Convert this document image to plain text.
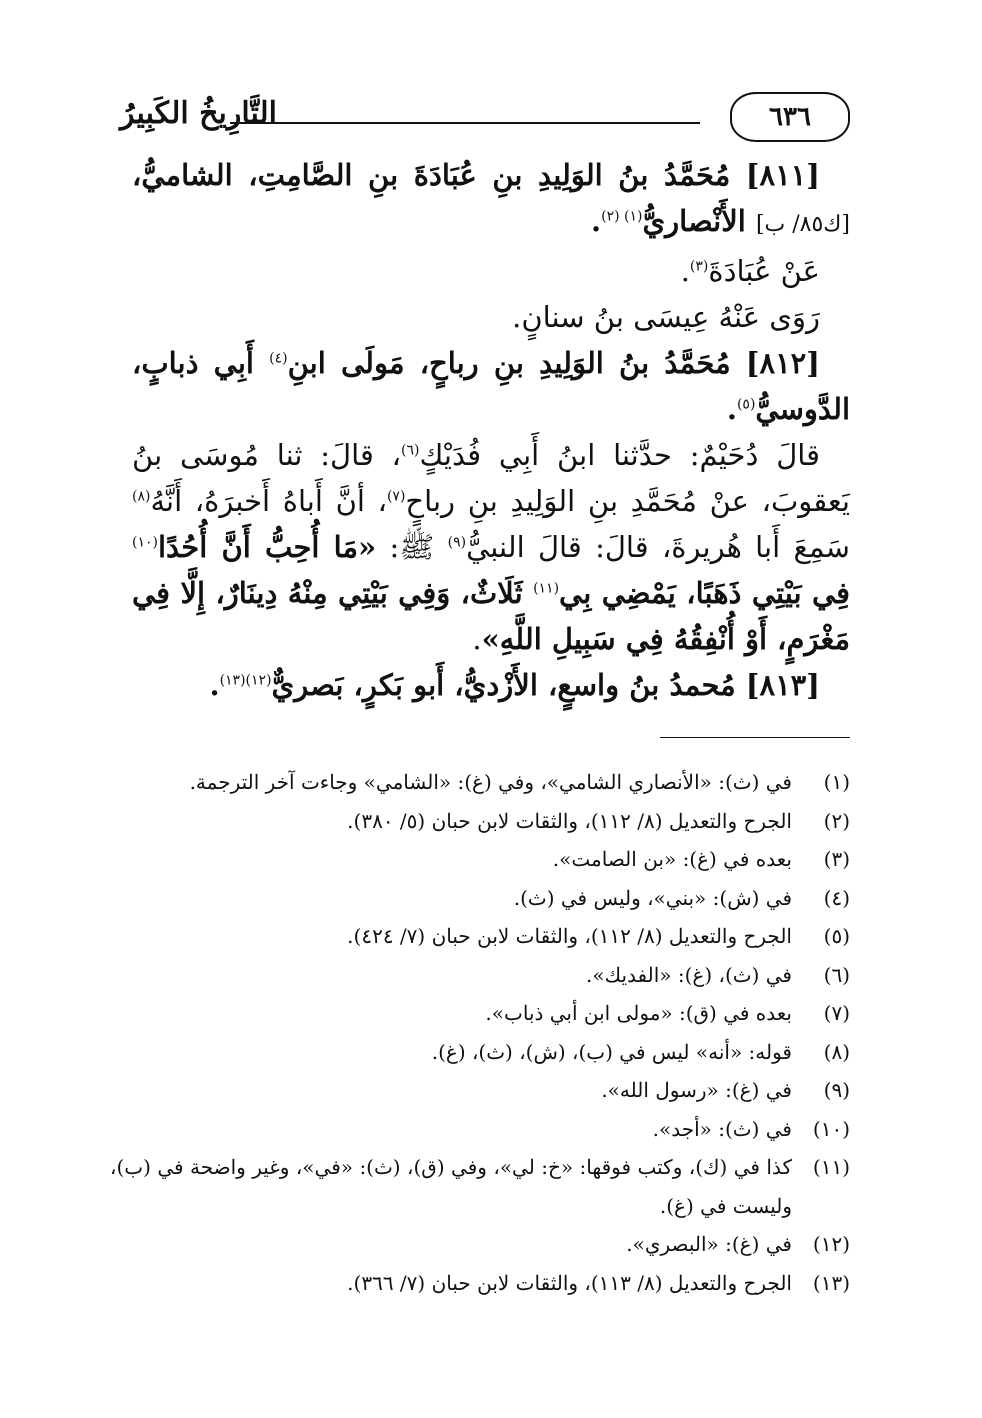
التَّارِيخُ الكَبِيرُ	٦٣٦

[٨١١] مُحَمَّدُ بنُ الوَلِيدِ بنِ عُبَادَةَ بنِ الصَّامِتِ، الشاميُّ، [ك٨٥/ ب] الأَنْصاريُّ$^{(١) (٢)}$.

عَنْ عُبَادَةَ$^{(٣)}$.

رَوَى عَنْهُ عِيسَى بنُ سنانٍ.

[٨١٢] مُحَمَّدُ بنُ الوَلِيدِ بنِ رباحٍ، مَولَى ابنِ$^{(٤)}$ أَبِي ذبابٍ، الدَّوسيُّ$^{(٥)}$.

قالَ دُحَيْمٌ: حدَّثنا ابنُ أَبِي فُدَيْكٍ$^{(٦)}$، قالَ: ثنا مُوسَى بنُ يَعقوبَ، عنْ مُحَمَّدِ بنِ الوَلِيدِ بنِ رباحٍ$^{(٧)}$، أنَّ أَباهُ أَخبرَهُ، أَنَّهُ$^{(٨)}$ سَمِعَ أَبا هُريرةَ، قالَ: قالَ النبيُّ$^{(٩)}$ ﷺ: «مَا أُحِبُّ أَنَّ أُحُدًا$^{(١٠)}$ فِي بَيْتِي ذَهَبًا، يَمْضِي بِي$^{(١١)}$ ثَلَاثٌ، وَفِي بَيْتِي مِنْهُ دِينَارٌ، إِلَّا فِي مَغْرَمٍ، أَوْ أُنْفِقُهُ فِي سَبِيلِ اللَّهِ».

[٨١٣] مُحمدُ بنُ واسعٍ، الأَزْديُّ، أَبو بَكرٍ، بَصريٌّ$^{(١٢)(١٣)}$.

(١)
في (ث): «الأنصاري الشامي»، وفي (غ): «الشامي» وجاءت آخر الترجمة.
(٢)
الجرح والتعديل (٨/ ١١٢)، والثقات لابن حبان (٥/ ٣٨٠).
(٣)
بعده في (غ): «بن الصامت».
(٤)
في (ش): «بني»، وليس في (ث).
(٥)
الجرح والتعديل (٨/ ١١٢)، والثقات لابن حبان (٧/ ٤٢٤).
(٦)
في (ث)، (غ): «الفديك».
(٧)
بعده في (ق): «مولى ابن أبي ذباب».
(٨)
قوله: «أنه» ليس في (ب)، (ش)، (ث)، (غ).
(٩)
في (غ): «رسول الله».
(١٠)
في (ث): «أجد».
(١١)
كذا في (ك)، وكتب فوقها: «خ: لي»، وفي (ق)، (ث): «في»، وغير واضحة في (ب)، وليست في (غ).
(١٢)
في (غ): «البصري».
(١٣)
الجرح والتعديل (٨/ ١١٣)، والثقات لابن حبان (٧/ ٣٦٦).
